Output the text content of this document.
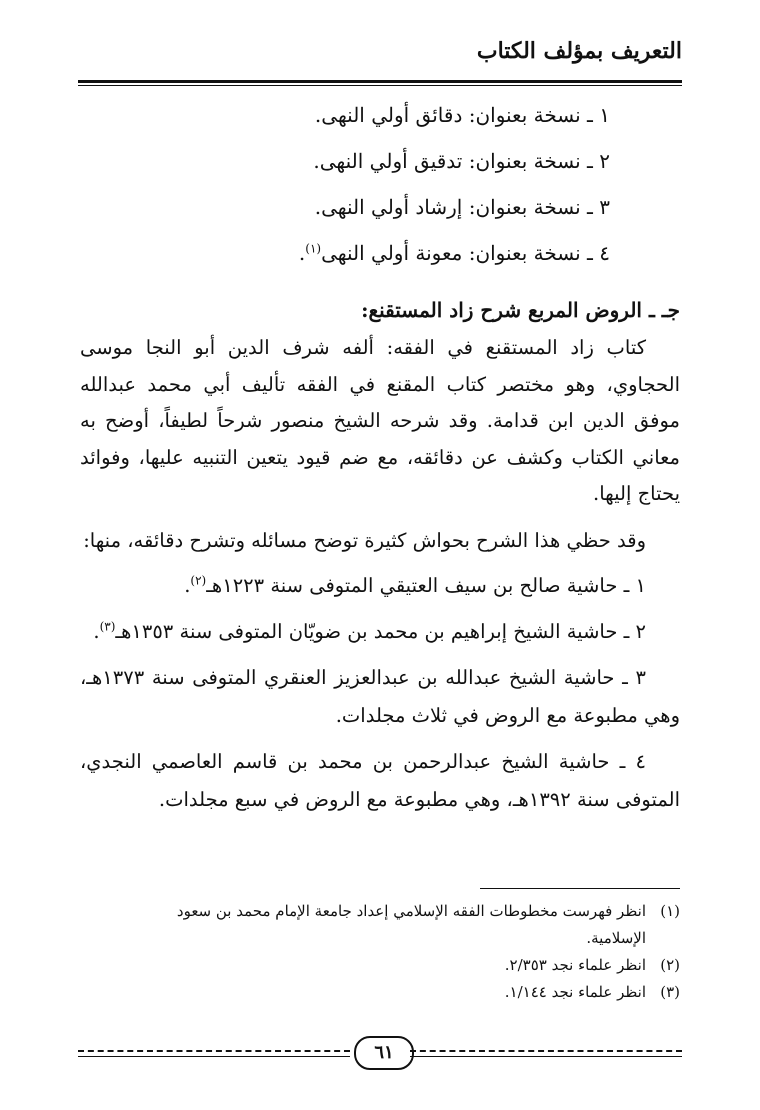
التعريف بمؤلف الكتاب
١ ـ نسخة بعنوان: دقائق أولي النهى.
٢ ـ نسخة بعنوان: تدقيق أولي النهى.
٣ ـ نسخة بعنوان: إرشاد أولي النهى.
٤ ـ نسخة بعنوان: معونة أولي النهى$^{(١)}$.
جـ ـ الروض المربع شرح زاد المستقنع:
كتاب زاد المستقنع في الفقه: ألفه شرف الدين أبو النجا موسى الحجاوي، وهو مختصر كتاب المقنع في الفقه تأليف أبي محمد عبدالله موفق الدين ابن قدامة. وقد شرحه الشيخ منصور شرحاً لطيفاً، أوضح به معاني الكتاب وكشف عن دقائقه، مع ضم قيود يتعين التنبيه عليها، وفوائد يحتاج إليها.
وقد حظي هذا الشرح بحواش كثيرة توضح مسائله وتشرح دقائقه، منها:
١ ـ حاشية صالح بن سيف العتيقي المتوفى سنة ١٢٢٣هـ$^{(٢)}$.
٢ ـ حاشية الشيخ إبراهيم بن محمد بن ضويّان المتوفى سنة ١٣٥٣هـ$^{(٣)}$.
٣ ـ حاشية الشيخ عبدالله بن عبدالعزيز العنقري المتوفى سنة ١٣٧٣هـ، وهي مطبوعة مع الروض في ثلاث مجلدات.
٤ ـ حاشية الشيخ عبدالرحمن بن محمد بن قاسم العاصمي النجدي، المتوفى سنة ١٣٩٢هـ، وهي مطبوعة مع الروض في سبع مجلدات.
(١)انظر فهرست مخطوطات الفقه الإسلامي إعداد جامعة الإمام محمد بن سعود
الإسلامية.
(٢)انظر علماء نجد ٢/٣٥٣.
(٣)انظر علماء نجد ١/١٤٤.
٦١
